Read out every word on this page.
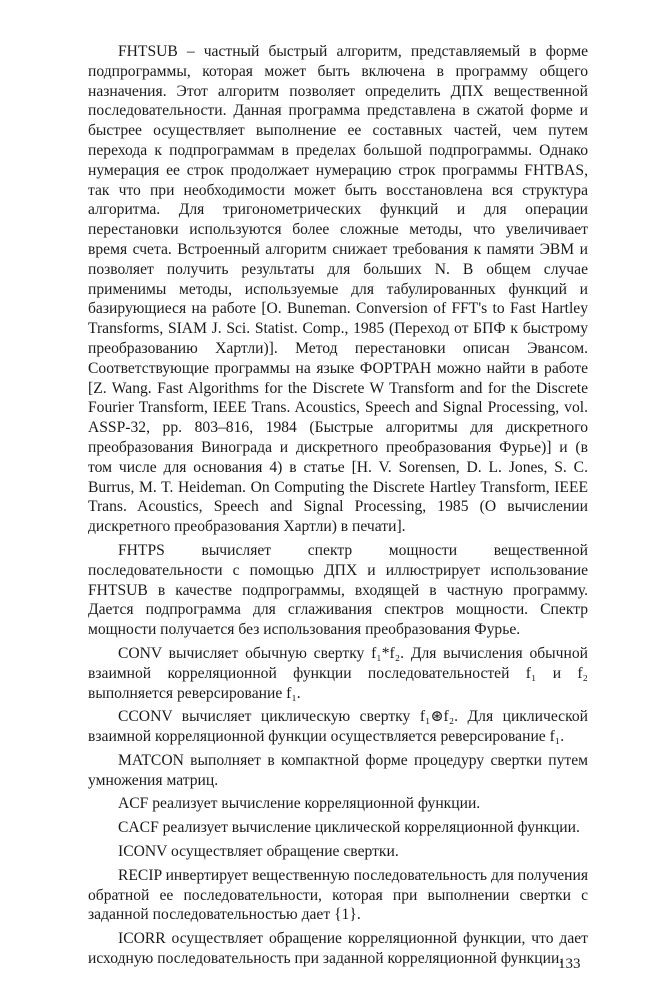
FHTSUB – частный быстрый алгоритм, представляемый в форме подпрограммы, которая может быть включена в программу общего назначения. Этот алгоритм позволяет определить ДПХ вещественной последовательности. Данная программа представлена в сжатой форме и быстрее осуществляет выполнение ее составных частей, чем путем перехода к подпрограммам в пределах большой подпрограммы. Однако нумерация ее строк продолжает нумерацию строк программы FHTBAS, так что при необходимости может быть восстановлена вся структура алгоритма. Для тригонометрических функций и для операции перестановки используются более сложные методы, что увеличивает время счета. Встроенный алгоритм снижает требования к памяти ЭВМ и позволяет получить результаты для больших N. В общем случае применимы методы, используемые для табулированных функций и базирующиеся на работе [O. Buneman. Conversion of FFT's to Fast Hartley Transforms, SIAM J. Sci. Statist. Comp., 1985 (Переход от БПФ к быстрому преобразованию Хартли)]. Метод перестановки описан Эвансом. Соответствующие программы на языке ФОРТРАН можно найти в работе [Z. Wang. Fast Algorithms for the Discrete W Transform and for the Discrete Fourier Transform, IEEE Trans. Acoustics, Speech and Signal Processing, vol. ASSP-32, pp. 803–816, 1984 (Быстрые алгоритмы для дискретного преобразования Винограда и дискретного преобразования Фурье)] и (в том числе для основания 4) в статье [H. V. Sorensen, D. L. Jones, S. C. Burrus, M. T. Heideman. On Computing the Discrete Hartley Transform, IEEE Trans. Acoustics, Speech and Signal Processing, 1985 (О вычислении дискретного преобразования Хартли) в печати].

FHTPS вычисляет спектр мощности вещественной последовательности с помощью ДПХ и иллюстрирует использование FHTSUB в качестве подпрограммы, входящей в частную программу. Дается подпрограмма для сглаживания спектров мощности. Спектр мощности получается без использования преобразования Фурье.

CONV вычисляет обычную свертку f₁*f₂. Для вычисления обычной взаимной корреляционной функции последовательностей f₁ и f₂ выполняется реверсирование f₁.

CCONV вычисляет циклическую свертку f₁⊛f₂. Для циклической взаимной корреляционной функции осуществляется реверсирование f₁.

MATCON выполняет в компактной форме процедуру свертки путем умножения матриц.

ACF реализует вычисление корреляционной функции.

CACF реализует вычисление циклической корреляционной функции.

ICONV осуществляет обращение свертки.

RECIP инвертирует вещественную последовательность для получения обратной ее последовательности, которая при выполнении свертки с заданной последовательностью дает {1}.

ICORR осуществляет обращение корреляционной функции, что дает исходную последовательность при заданной корреляционной функции.

133
